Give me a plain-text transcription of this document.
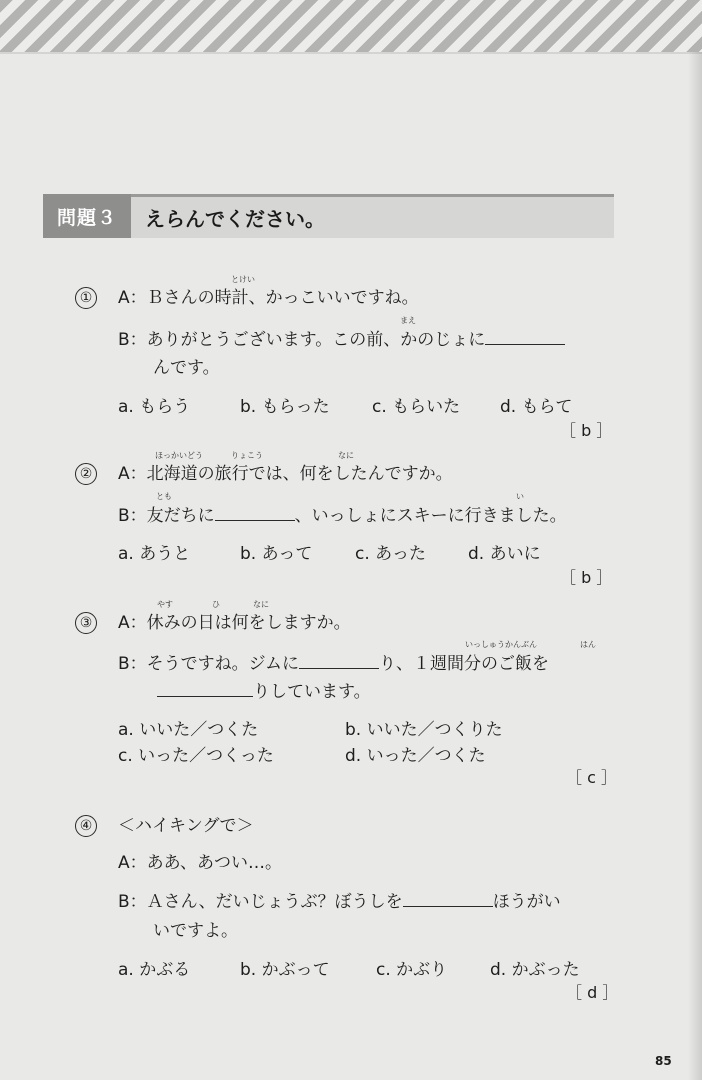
問題３	えらんでください。
①
とけい
A：Ｂさんの時計、かっこいいですね。
まえ
B：ありがとうございます。この前、かのじょに
んです。
a. もらう	b. もらった c. もらいた d. もらて
［ b ］
②
ほっかいどう	りょこう	なに
A：北海道の旅行では、何をしたんですか。
とも	い
B：友だちに	、いっしょにスキーに行きました。
a. あうと	b. あって	c. あった d. あいに
［ b ］
③
やす	ひ	なに
A：休みの日は何をしますか。
いっしゅうかんぶん	はん
B：そうですね。ジムに	り、１週間分のご飯を
りしています。
a. いいた／つくた	b. いいた／つくりた
c. いった／つくった	d. いった／つくた
［ c ］
④ ＜ハイキングで＞
A：ああ、あつい…。
B：Ａさん、だいじょうぶ？ぼうしを	ほうがい
いですよ。
a. かぶる	b. かぶって	c. かぶり	d. かぶった
［ d ］
85
